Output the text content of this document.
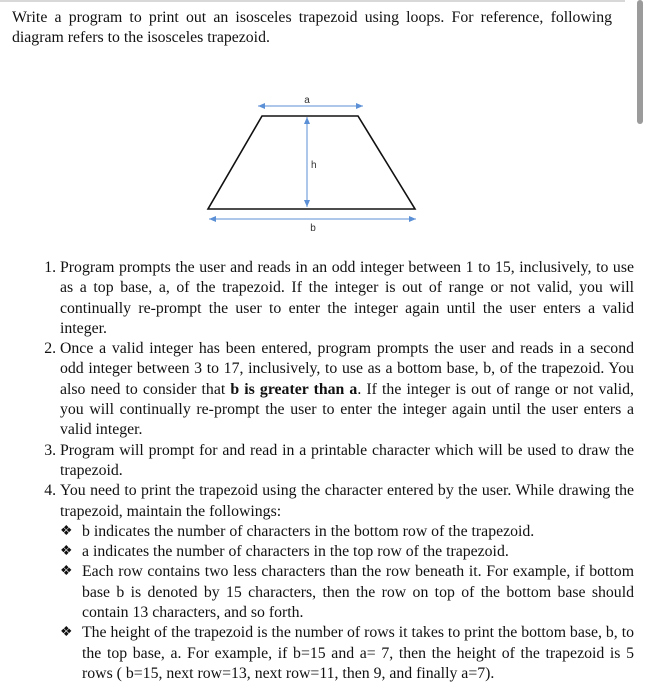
Write a program to print out an isosceles trapezoid using loops. For reference, following diagram refers to the isosceles trapezoid.

a
h
b
1. Program prompts the user and reads in an odd integer between 1 to 15, inclusively, to use as a top base, a, of the trapezoid. If the integer is out of range or not valid, you will continually re-prompt the user to enter the integer again until the user enters a valid integer.
2. Once a valid integer has been entered, program prompts the user and reads in a second odd integer between 3 to 17, inclusively, to use as a bottom base, b, of the trapezoid. You also need to consider that b is greater than a. If the integer is out of range or not valid, you will continually re-prompt the user to enter the integer again until the user enters a valid integer.
3. Program will prompt for and read in a printable character which will be used to draw the trapezoid.
4. You need to print the trapezoid using the character entered by the user. While drawing the trapezoid, maintain the followings:
❖ b indicates the number of characters in the bottom row of the trapezoid.
❖ a indicates the number of characters in the top row of the trapezoid.
❖ Each row contains two less characters than the row beneath it. For example, if bottom base b is denoted by 15 characters, then the row on top of the bottom base should contain 13 characters, and so forth.
❖ The height of the trapezoid is the number of rows it takes to print the bottom base, b, to the top base, a. For example, if b=15 and a= 7, then the height of the trapezoid is 5 rows ( b=15, next row=13, next row=11, then 9, and finally a=7).
